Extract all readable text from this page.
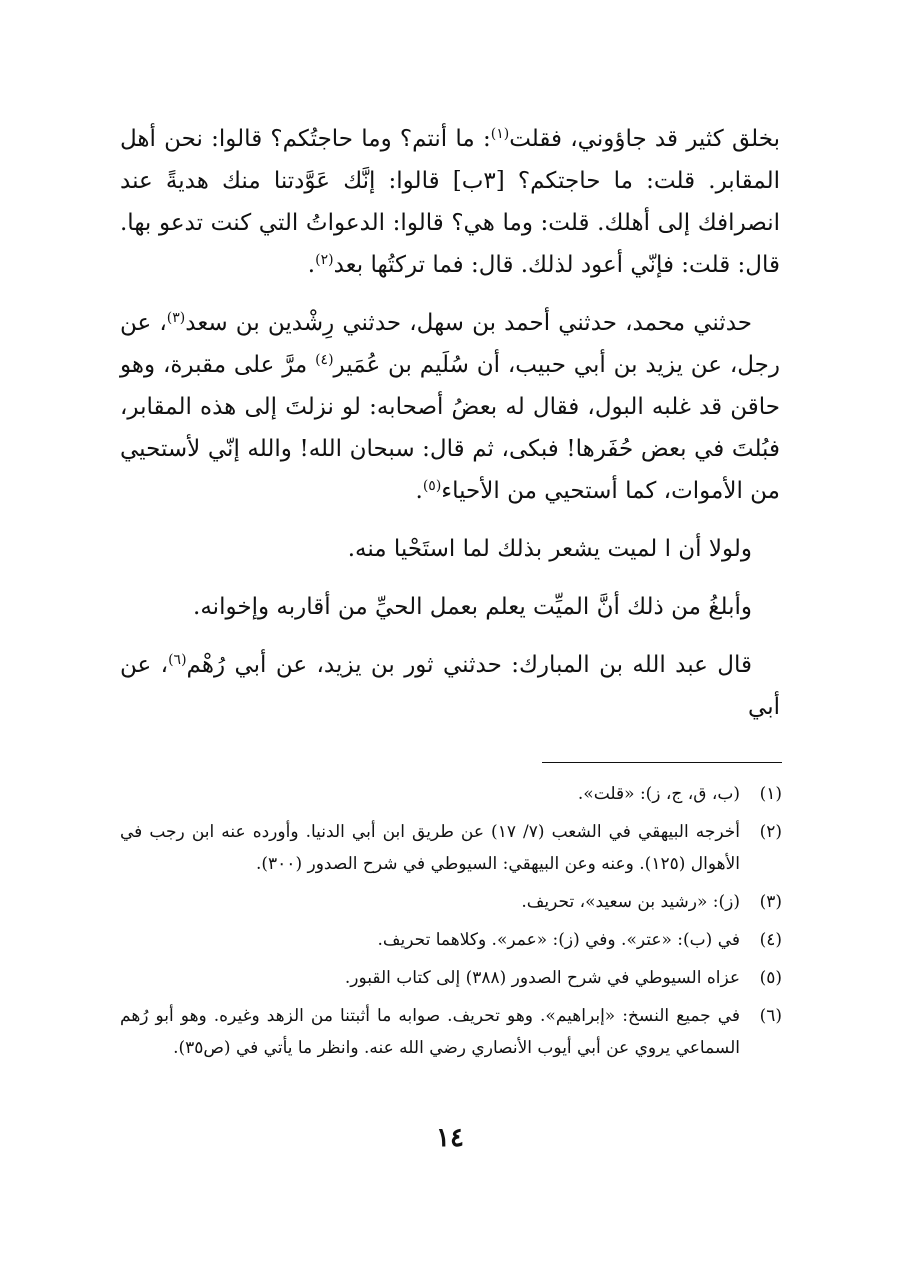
بخلق كثير قد جاؤوني، فقلت$^{(١)}$: ما أنتم؟ وما حاجتُكم؟ قالوا: نحن أهل المقابر. قلت: ما حاجتكم؟ [٣ب] قالوا: إنَّك عَوَّدتنا منك هديةً عند انصرافك إلى أهلك. قلت: وما هي؟ قالوا: الدعواتُ التي كنت تدعو بها. قال: قلت: فإنّي أعود لذلك. قال: فما تركتُها بعد$^{(٢)}$.

حدثني محمد، حدثني أحمد بن سهل، حدثني رِشْدين بن سعد$^{(٣)}$، عن رجل، عن يزيد بن أبي حبيب، أن سُلَيم بن عُمَير$^{(٤)}$ مرَّ على مقبرة، وهو حاقن قد غلبه البول، فقال له بعضُ أصحابه: لو نزلتَ إلى هذه المقابر، فبُلتَ في بعض حُفَرها! فبكى، ثم قال: سبحان الله! والله إنّي لأستحيي من الأموات، كما أستحيي من الأحياء$^{(٥)}$.

ولولا أن ا لميت يشعر بذلك لما استَحْيا منه.

وأبلغُ من ذلك أنَّ الميِّت يعلم بعمل الحيِّ من أقاربه وإخوانه.

قال عبد الله بن المبارك: حدثني ثور بن يزيد، عن أبي رُهْم$^{(٦)}$، عن أبي

(١)
(ب، ق، ج، ز): «قلت».
(٢)
أخرجه البيهقي في الشعب (٧/ ١٧) عن طريق ابن أبي الدنيا. وأورده عنه ابن رجب في الأهوال (١٢٥). وعنه وعن البيهقي: السيوطي في شرح الصدور (٣٠٠).
(٣)
(ز): «رشيد بن سعيد»، تحريف.
(٤)
في (ب): «عتر». وفي (ز): «عمر». وكلاهما تحريف.
(٥)
عزاه السيوطي في شرح الصدور (٣٨٨) إلى كتاب القبور.
(٦)
في جميع النسخ: «إبراهيم». وهو تحريف. صوابه ما أثبتنا من الزهد وغيره. وهو أبو رُهم السماعي يروي عن أبي أيوب الأنصاري رضي الله عنه. وانظر ما يأتي في (ص٣٥).
١٤
